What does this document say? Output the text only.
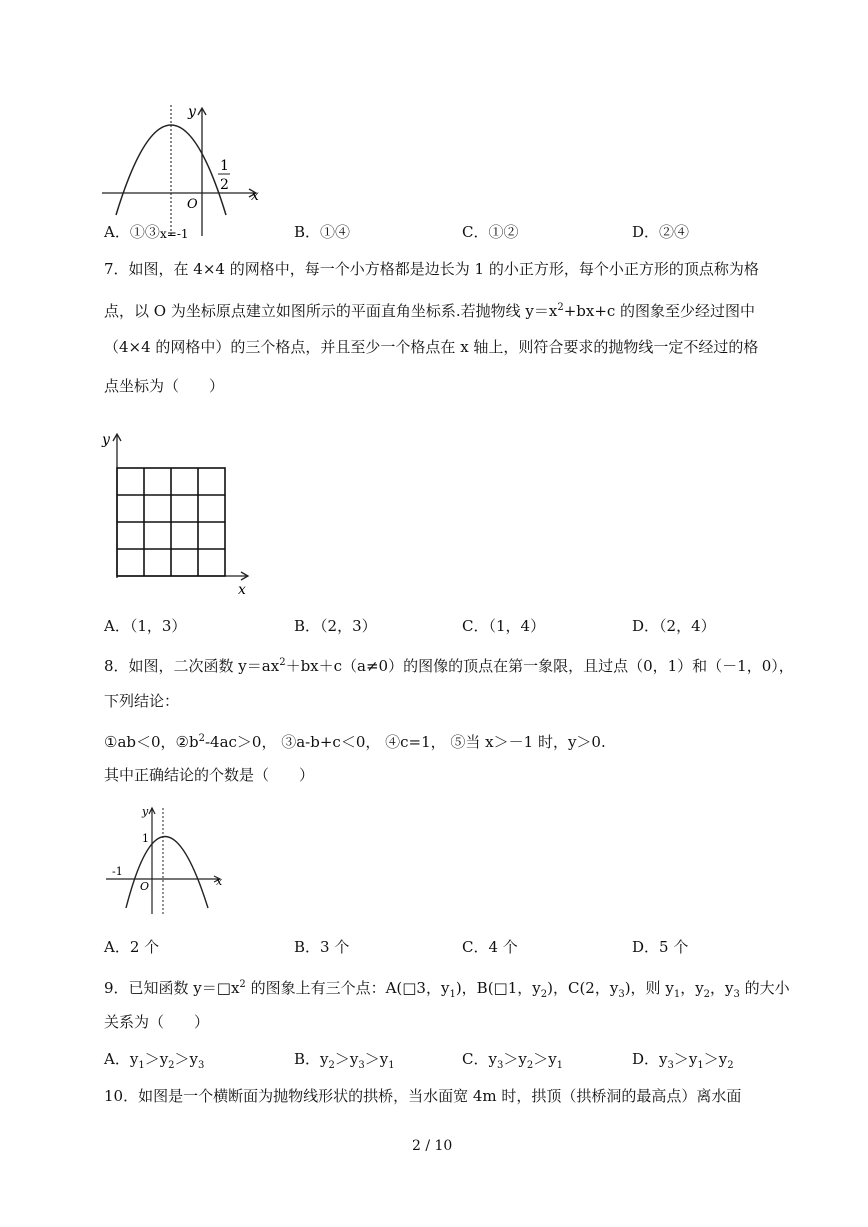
y
x
O
1
2
x=-1
A．①③	B．①④	C．①②	D．②④
7．如图，在 4×4 的网格中，每一个小方格都是边长为 1 的小正方形，每个小正方形的顶点称为格
点，以 O 为坐标原点建立如图所示的平面直角坐标系.若抛物线 $y=x^2+bx+c$ 的图象至少经过图中
（4×4 的网格中）的三个格点，并且至少一个格点在 x 轴上，则符合要求的抛物线一定不经过的格
点坐标为（　　）
y
x
A．（1，3）	B．（2，3）	C．（1，4）	D．（2，4）
8．如图，二次函数 $y=ax^2+bx+c(a\ne 0)$的图像的顶点在第一象限，且过点（0，1）和（－1，0），
下列结论：
①ab＜0，$②b^2-4ac>0$， ③a-b+c＜0， ④c=1， ⑤当 x＞－1 时，y＞0.
其中正确结论的个数是（　　）
y
x
1
-1
O
A．2 个	B．3 个	C．4 个	D．5 个
9．已知函数 $y=□x^2$ 的图象上有三个点：A(□3，$y_1$)，B(□1，$y_2$)，C(2，$y_3$)，则 $y_1$，$y_2$，$y_3$ 的大小
关系为（　　）
A．$y_1>y_2>y_3$	B．$y_2>y_3>y_1$	C．$y_3>y_2>y_1$	D．$y_3>y_1>y_2$
10．如图是一个横断面为抛物线形状的拱桥，当水面宽 4m 时，拱顶（拱桥洞的最高点）离水面
2 / 10
